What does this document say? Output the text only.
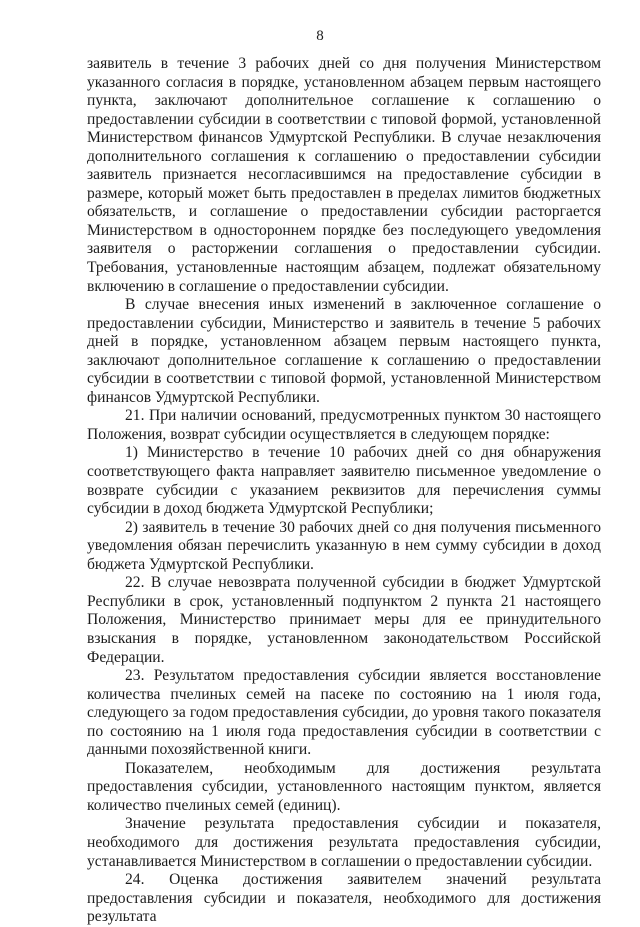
8

заявитель в течение 3 рабочих дней со дня получения Министерством указанного согласия в порядке, установленном абзацем первым настоящего пункта, заключают дополнительное соглашение к соглашению о предоставлении субсидии в соответствии с типовой формой, установленной Министерством финансов Удмуртской Республики. В случае незаключения дополнительного соглашения к соглашению о предоставлении субсидии заявитель признается несогласившимся на предоставление субсидии в размере, который может быть предоставлен в пределах лимитов бюджетных обязательств, и соглашение о предоставлении субсидии расторгается Министерством в одностороннем порядке без последующего уведомления заявителя о расторжении соглашения о предоставлении субсидии. Требования, установленные настоящим абзацем, подлежат обязательному включению в соглашение о предоставлении субсидии.

В случае внесения иных изменений в заключенное соглашение о предоставлении субсидии, Министерство и заявитель в течение 5 рабочих дней в порядке, установленном абзацем первым настоящего пункта, заключают дополнительное соглашение к соглашению о предоставлении субсидии в соответствии с типовой формой, установленной Министерством финансов Удмуртской Республики.

21. При наличии оснований, предусмотренных пунктом 30 настоящего Положения, возврат субсидии осуществляется в следующем порядке:

1) Министерство в течение 10 рабочих дней со дня обнаружения соответствующего факта направляет заявителю письменное уведомление о возврате субсидии с указанием реквизитов для перечисления суммы субсидии в доход бюджета Удмуртской Республики;

2) заявитель в течение 30 рабочих дней со дня получения письменного уведомления обязан перечислить указанную в нем сумму субсидии в доход бюджета Удмуртской Республики.

22. В случае невозврата полученной субсидии в бюджет Удмуртской Республики в срок, установленный подпунктом 2 пункта 21 настоящего Положения, Министерство принимает меры для ее принудительного взыскания в порядке, установленном законодательством Российской Федерации.

23. Результатом предоставления субсидии является восстановление количества пчелиных семей на пасеке по состоянию на 1 июля года, следующего за годом предоставления субсидии, до уровня такого показателя по состоянию на 1 июля года предоставления субсидии в соответствии с данными похозяйственной книги.

Показателем, необходимым для достижения результата предоставления субсидии, установленного настоящим пунктом, является количество пчелиных семей (единиц).

Значение результата предоставления субсидии и показателя, необходимого для достижения результата предоставления субсидии, устанавливается Министерством в соглашении о предоставлении субсидии.

24. Оценка достижения заявителем значений результата предоставления субсидии и показателя, необходимого для достижения результата
